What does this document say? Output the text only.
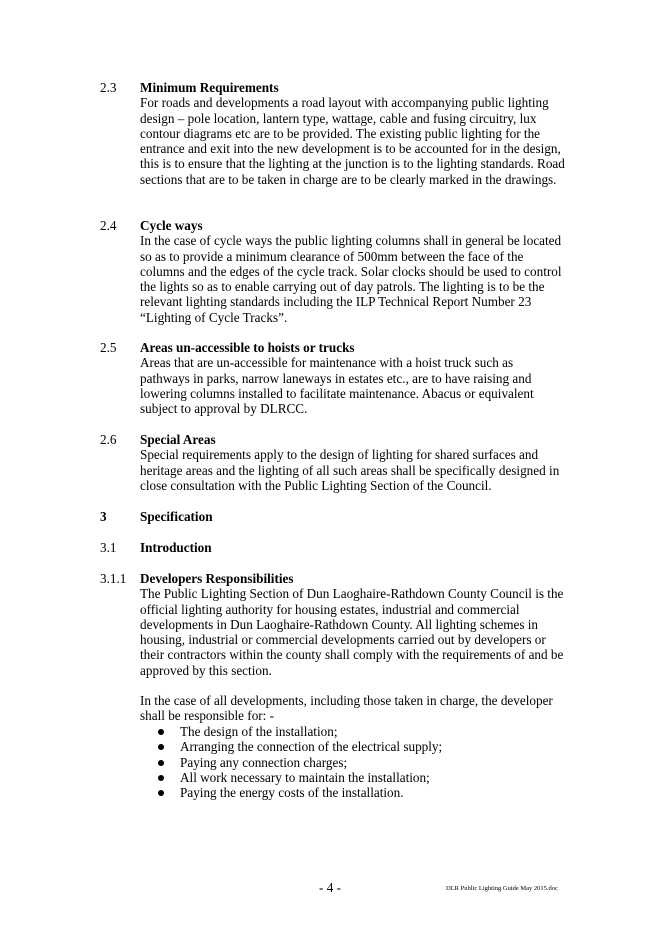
2.3 Minimum Requirements
For roads and developments a road layout with accompanying public lighting design – pole location, lantern type, wattage, cable and fusing circuitry, lux contour diagrams etc are to be provided. The existing public lighting for the entrance and exit into the new development is to be accounted for in the design, this is to ensure that the lighting at the junction is to the lighting standards. Road sections that are to be taken in charge are to be clearly marked in the drawings.
2.4 Cycle ways
In the case of cycle ways the public lighting columns shall in general be located so as to provide a minimum clearance of 500mm between the face of the columns and the edges of the cycle track. Solar clocks should be used to control the lights so as to enable carrying out of day patrols. The lighting is to be the relevant lighting standards including the ILP Technical Report Number 23 “Lighting of Cycle Tracks”.
2.5 Areas un-accessible to hoists or trucks
Areas that are un-accessible for maintenance with a hoist truck such as pathways in parks, narrow laneways in estates etc., are to have raising and lowering columns installed to facilitate maintenance. Abacus or equivalent subject to approval by DLRCC.
2.6 Special Areas
Special requirements apply to the design of lighting for shared surfaces and heritage areas and the lighting of all such areas shall be specifically designed in close consultation with the Public Lighting Section of the Council.
3	Specification
3.1 Introduction
3.1.1 Developers Responsibilities
The Public Lighting Section of Dun Laoghaire-Rathdown County Council is the official lighting authority for housing estates, industrial and commercial developments in Dun Laoghaire-Rathdown County. All lighting schemes in housing, industrial or commercial developments carried out by developers or their contractors within the county shall comply with the requirements of and be approved by this section.
In the case of all developments, including those taken in charge, the developer shall be responsible for: -
The design of the installation;
Arranging the connection of the electrical supply;
Paying any connection charges;
All work necessary to maintain the installation;
Paying the energy costs of the installation.
- 4 -	DLR Public Lighting Guide May 2015.doc
